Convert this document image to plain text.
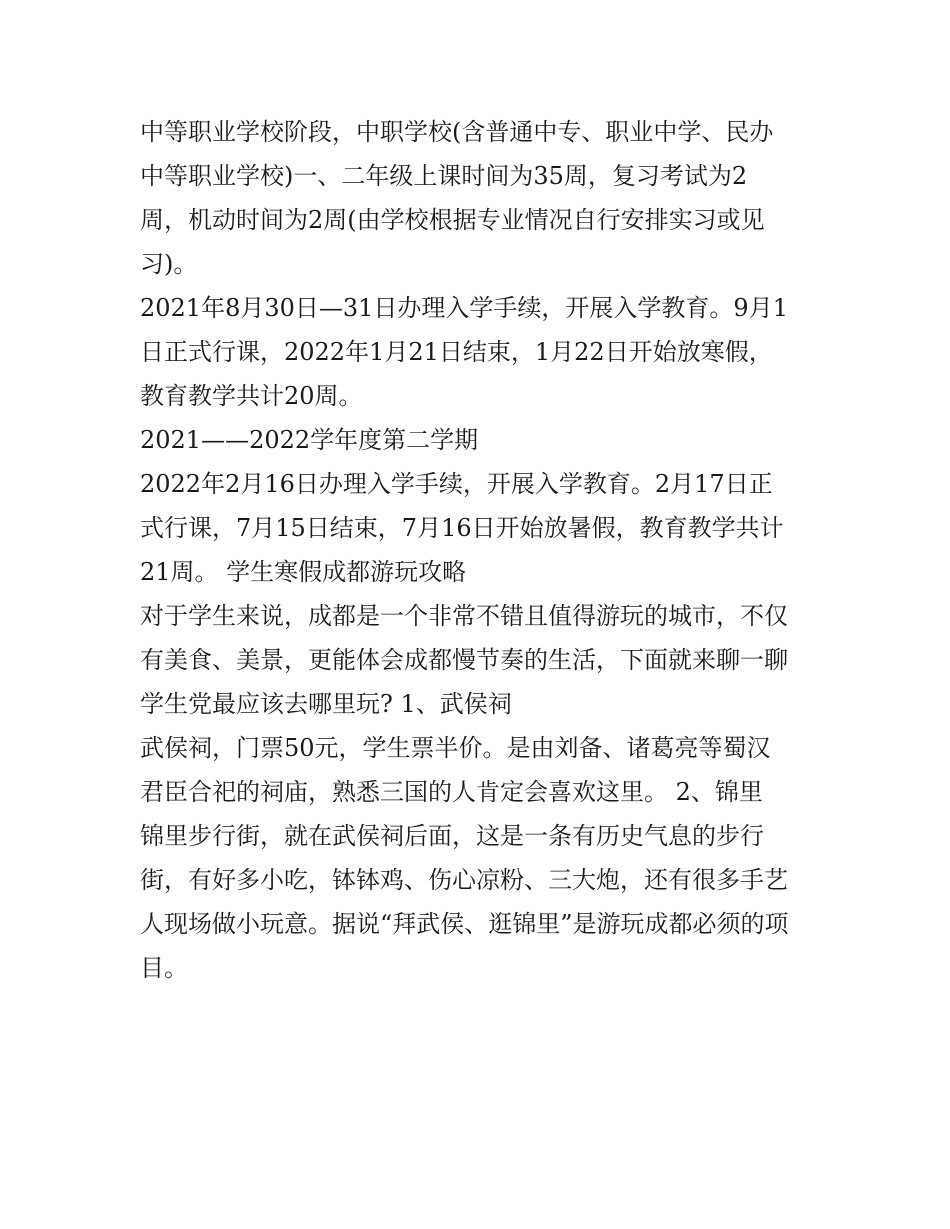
中等职业学校阶段，中职学校(含普通中专、职业中学、民办
中等职业学校)一、二年级上课时间为35周，复习考试为2
周，机动时间为2周(由学校根据专业情况自行安排实习或见
习)。

2021年8月30日—31日办理入学手续，开展入学教育。9月1
日正式行课，2022年1月21日结束，1月22日开始放寒假，
教育教学共计20周。

2021——2022学年度第二学期

2022年2月16日办理入学手续，开展入学教育。2月17日正
式行课，7月15日结束，7月16日开始放暑假，教育教学共计
21周。 学生寒假成都游玩攻略

对于学生来说，成都是一个非常不错且值得游玩的城市，不仅
有美食、美景，更能体会成都慢节奏的生活，下面就来聊一聊
学生党最应该去哪里玩? 1、武侯祠

武侯祠，门票50元，学生票半价。是由刘备、诸葛亮等蜀汉
君臣合祀的祠庙，熟悉三国的人肯定会喜欢这里。 2、锦里

锦里步行街，就在武侯祠后面，这是一条有历史气息的步行
街，有好多小吃，钵钵鸡、伤心凉粉、三大炮，还有很多手艺
人现场做小玩意。据说“拜武侯、逛锦里”是游玩成都必须的项
目。
